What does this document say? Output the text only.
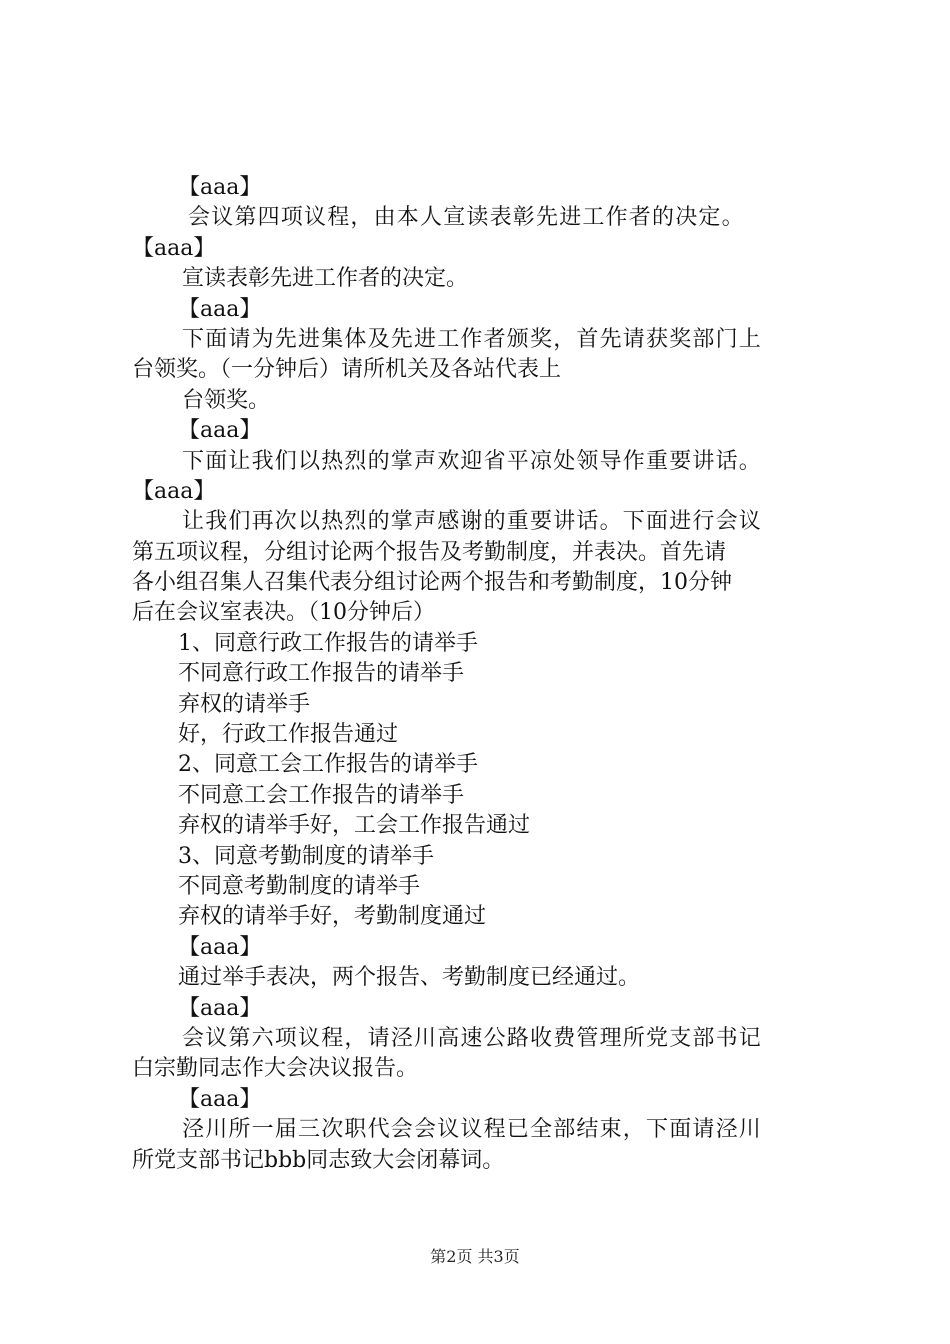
【aaa】
会议第四项议程，由本人宣读表彰先进工作者的决定。
【aaa】
宣读表彰先进工作者的决定。
【aaa】
下面请为先进集体及先进工作者颁奖，首先请获奖部门上
台领奖。（一分钟后）请所机关及各站代表上
台领奖。
【aaa】
下面让我们以热烈的掌声欢迎省平凉处领导作重要讲话。
【aaa】
让我们再次以热烈的掌声感谢的重要讲话。下面进行会议
第五项议程，分组讨论两个报告及考勤制度，并表决。首先请
各小组召集人召集代表分组讨论两个报告和考勤制度，10分钟
后在会议室表决。（10分钟后）
1、同意行政工作报告的请举手
不同意行政工作报告的请举手
弃权的请举手
好，行政工作报告通过
2、同意工会工作报告的请举手
不同意工会工作报告的请举手
弃权的请举手好，工会工作报告通过
3、同意考勤制度的请举手
不同意考勤制度的请举手
弃权的请举手好，考勤制度通过
【aaa】
通过举手表决，两个报告、考勤制度已经通过。
【aaa】
会议第六项议程，请泾川高速公路收费管理所党支部书记
白宗勤同志作大会决议报告。
【aaa】
泾川所一届三次职代会会议议程已全部结束，下面请泾川
所党支部书记bbb同志致大会闭幕词。
第2页 共3页
